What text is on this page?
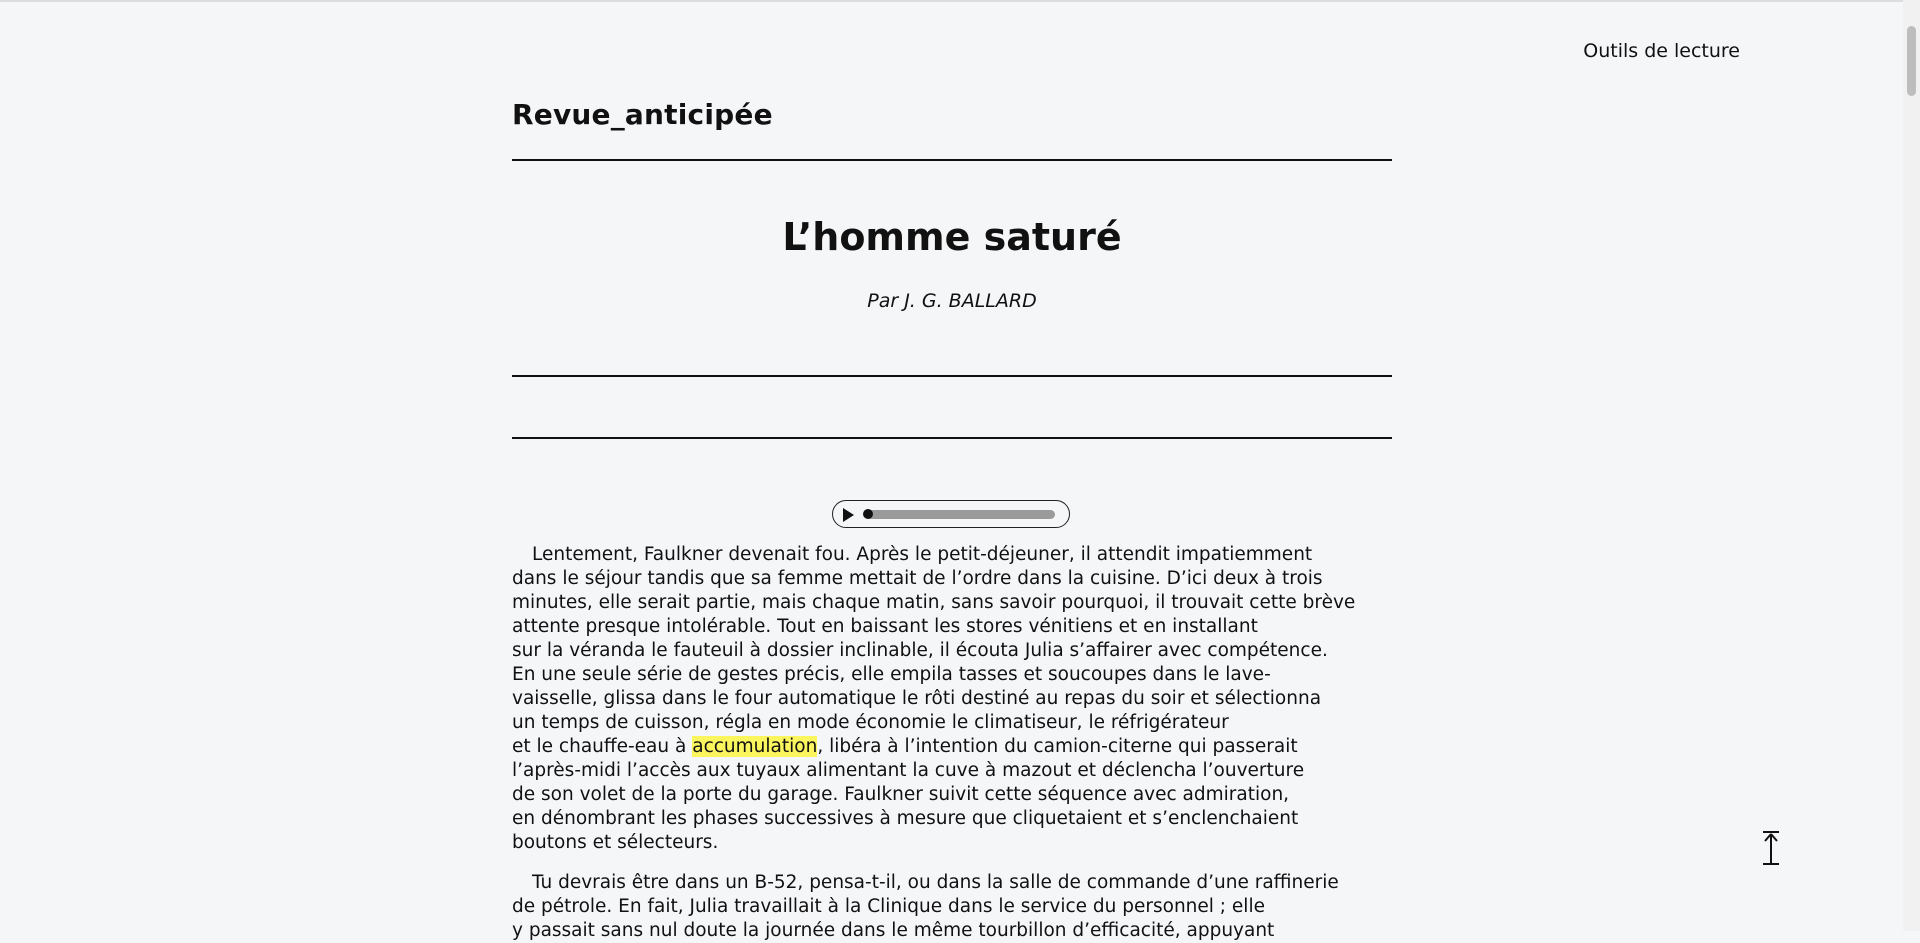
Outils de lecture
Revue_anticipée
L’homme saturé
Par J. G. BALLARD
Lentement, Faulkner devenait fou. Après le petit-déjeuner, il attendit impatiemment
dans le séjour tandis que sa femme mettait de l’ordre dans la cuisine. D’ici deux à trois
minutes, elle serait partie, mais chaque matin, sans savoir pourquoi, il trouvait cette brève
attente presque intolérable. Tout en baissant les stores vénitiens et en installant
sur la véranda le fauteuil à dossier inclinable, il écouta Julia s’affairer avec compétence.
En une seule série de gestes précis, elle empila tasses et soucoupes dans le lave-
vaisselle, glissa dans le four automatique le rôti destiné au repas du soir et sélectionna
un temps de cuisson, régla en mode économie le climatiseur, le réfrigérateur
et le chauffe-eau à accumulation, libéra à l’intention du camion-citerne qui passerait
l’après-midi l’accès aux tuyaux alimentant la cuve à mazout et déclencha l’ouverture
de son volet de la porte du garage. Faulkner suivit cette séquence avec admiration,
en dénombrant les phases successives à mesure que cliquetaient et s’enclenchaient
boutons et sélecteurs.
Tu devrais être dans un B-52, pensa-t-il, ou dans la salle de commande d’une raffinerie
de pétrole. En fait, Julia travaillait à la Clinique dans le service du personnel ; elle
y passait sans nul doute la journée dans le même tourbillon d’efficacité, appuyant
